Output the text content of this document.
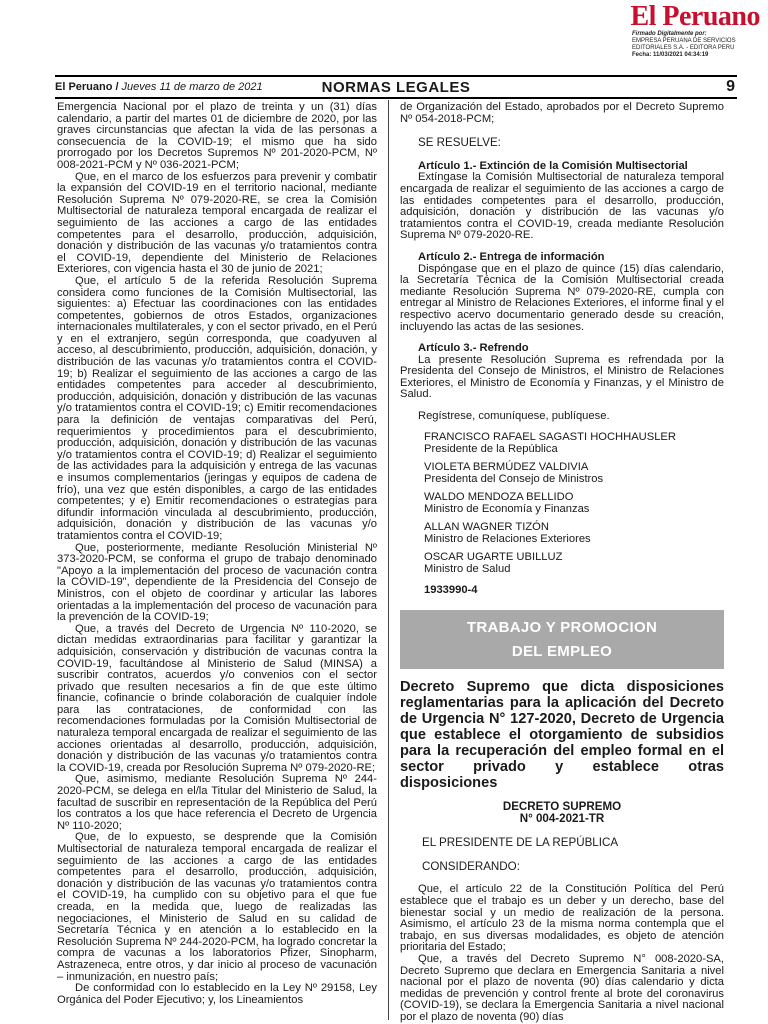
El Peruano
Firmado Digitalmente por:
EMPRESA PERUANA DE SERVICIOS
EDITORIALES S.A. - EDITORA PERU
Fecha: 11/03/2021 04:34:19
El Peruano / Jueves 11 de marzo de 2021	NORMAS LEGALES	9

Emergencia Nacional por el plazo de treinta y un (31) días calendario, a partir del martes 01 de diciembre de 2020, por las graves circunstancias que afectan la vida de las personas a consecuencia de la COVID-19; el mismo que ha sido prorrogado por los Decretos Supremos Nº 201-2020-PCM, Nº 008-2021-PCM y Nº 036-2021-PCM;

Que, en el marco de los esfuerzos para prevenir y combatir la expansión del COVID-19 en el territorio nacional, mediante Resolución Suprema Nº 079-2020-RE, se crea la Comisión Multisectorial de naturaleza temporal encargada de realizar el seguimiento de las acciones a cargo de las entidades competentes para el desarrollo, producción, adquisición, donación y distribución de las vacunas y/o tratamientos contra el COVID-19, dependiente del Ministerio de Relaciones Exteriores, con vigencia hasta el 30 de junio de 2021;

Que, el artículo 5 de la referida Resolución Suprema considera como funciones de la Comisión Multisectorial, las siguientes: a) Efectuar las coordinaciones con las entidades competentes, gobiernos de otros Estados, organizaciones internacionales multilaterales, y con el sector privado, en el Perú y en el extranjero, según corresponda, que coadyuven al acceso, al descubrimiento, producción, adquisición, donación, y distribución de las vacunas y/o tratamientos contra el COVID-19; b) Realizar el seguimiento de las acciones a cargo de las entidades competentes para acceder al descubrimiento, producción, adquisición, donación y distribución de las vacunas y/o tratamientos contra el COVID-19; c) Emitir recomendaciones para la definición de ventajas comparativas del Perú, requerimientos y procedimientos para el descubrimiento, producción, adquisición, donación y distribución de las vacunas y/o tratamientos contra el COVID-19; d) Realizar el seguimiento de las actividades para la adquisición y entrega de las vacunas e insumos complementarios (jeringas y equipos de cadena de frío), una vez que estén disponibles, a cargo de las entidades competentes; y e) Emitir recomendaciones o estrategias para difundir información vinculada al descubrimiento, producción, adquisición, donación y distribución de las vacunas y/o tratamientos contra el COVID-19;

Que, posteriormente, mediante Resolución Ministerial Nº 373-2020-PCM, se conforma el grupo de trabajo denominado "Apoyo a la implementación del proceso de vacunación contra la COVID-19", dependiente de la Presidencia del Consejo de Ministros, con el objeto de coordinar y articular las labores orientadas a la implementación del proceso de vacunación para la prevención de la COVID-19;

Que, a través del Decreto de Urgencia Nº 110-2020, se dictan medidas extraordinarias para facilitar y garantizar la adquisición, conservación y distribución de vacunas contra la COVID-19, facultándose al Ministerio de Salud (MINSA) a suscribir contratos, acuerdos y/o convenios con el sector privado que resulten necesarios a fin de que este último financie, cofinancie o brinde colaboración de cualquier índole para las contrataciones, de conformidad con las recomendaciones formuladas por la Comisión Multisectorial de naturaleza temporal encargada de realizar el seguimiento de las acciones orientadas al desarrollo, producción, adquisición, donación y distribución de las vacunas y/o tratamientos contra la COVID-19, creada por Resolución Suprema Nº 079-2020-RE;

Que, asimismo, mediante Resolución Suprema Nº 244-2020-PCM, se delega en el/la Titular del Ministerio de Salud, la facultad de suscribir en representación de la República del Perú los contratos a los que hace referencia el Decreto de Urgencia Nº 110-2020;

Que, de lo expuesto, se desprende que la Comisión Multisectorial de naturaleza temporal encargada de realizar el seguimiento de las acciones a cargo de las entidades competentes para el desarrollo, producción, adquisición, donación y distribución de las vacunas y/o tratamientos contra el COVID-19, ha cumplido con su objetivo para el que fue creada, en la medida que, luego de realizadas las negociaciones, el Ministerio de Salud en su calidad de Secretaría Técnica y en atención a lo establecido en la Resolución Suprema Nº 244-2020-PCM, ha logrado concretar la compra de vacunas a los laboratorios Pfizer, Sinopharm, Astrazeneca, entre otros, y dar inicio al proceso de vacunación – inmunización, en nuestro país;

De conformidad con lo establecido en la Ley Nº 29158, Ley Orgánica del Poder Ejecutivo; y, los Lineamientos

de Organización del Estado, aprobados por el Decreto Supremo Nº 054-2018-PCM;

SE RESUELVE:

Artículo 1.- Extinción de la Comisión Multisectorial

Extíngase la Comisión Multisectorial de naturaleza temporal encargada de realizar el seguimiento de las acciones a cargo de las entidades competentes para el desarrollo, producción, adquisición, donación y distribución de las vacunas y/o tratamientos contra el COVID-19, creada mediante Resolución Suprema Nº 079-2020-RE.

Artículo 2.- Entrega de información

Dispóngase que en el plazo de quince (15) días calendario, la Secretaría Técnica de la Comisión Multisectorial creada mediante Resolución Suprema Nº 079-2020-RE, cumpla con entregar al Ministro de Relaciones Exteriores, el informe final y el respectivo acervo documentario generado desde su creación, incluyendo las actas de las sesiones.

Artículo 3.- Refrendo

La presente Resolución Suprema es refrendada por la Presidenta del Consejo de Ministros, el Ministro de Relaciones Exteriores, el Ministro de Economía y Finanzas, y el Ministro de Salud.

Regístrese, comuníquese, publíquese.

FRANCISCO RAFAEL SAGASTI HOCHHAUSLER
Presidente de la República
VIOLETA BERMÚDEZ VALDIVIA
Presidenta del Consejo de Ministros
WALDO MENDOZA BELLIDO
Ministro de Economía y Finanzas
ALLAN WAGNER TIZÓN
Ministro de Relaciones Exteriores
OSCAR UGARTE UBILLUZ
Ministro de Salud
1933990-4
TRABAJO Y PROMOCION
DEL EMPLEO
Decreto Supremo que dicta disposiciones reglamentarias para la aplicación del Decreto de Urgencia N° 127-2020, Decreto de Urgencia que establece el otorgamiento de subsidios para la recuperación del empleo formal en el sector privado y establece otras disposiciones
DECRETO SUPREMO
N° 004-2021-TR

EL PRESIDENTE DE LA REPÚBLICA

CONSIDERANDO:

Que, el artículo 22 de la Constitución Política del Perú establece que el trabajo es un deber y un derecho, base del bienestar social y un medio de realización de la persona. Asimismo, el artículo 23 de la misma norma contempla que el trabajo, en sus diversas modalidades, es objeto de atención prioritaria del Estado;

Que, a través del Decreto Supremo N° 008-2020-SA, Decreto Supremo que declara en Emergencia Sanitaria a nivel nacional por el plazo de noventa (90) días calendario y dicta medidas de prevención y control frente al brote del coronavirus (COVID-19), se declara la Emergencia Sanitaria a nivel nacional por el plazo de noventa (90) días
